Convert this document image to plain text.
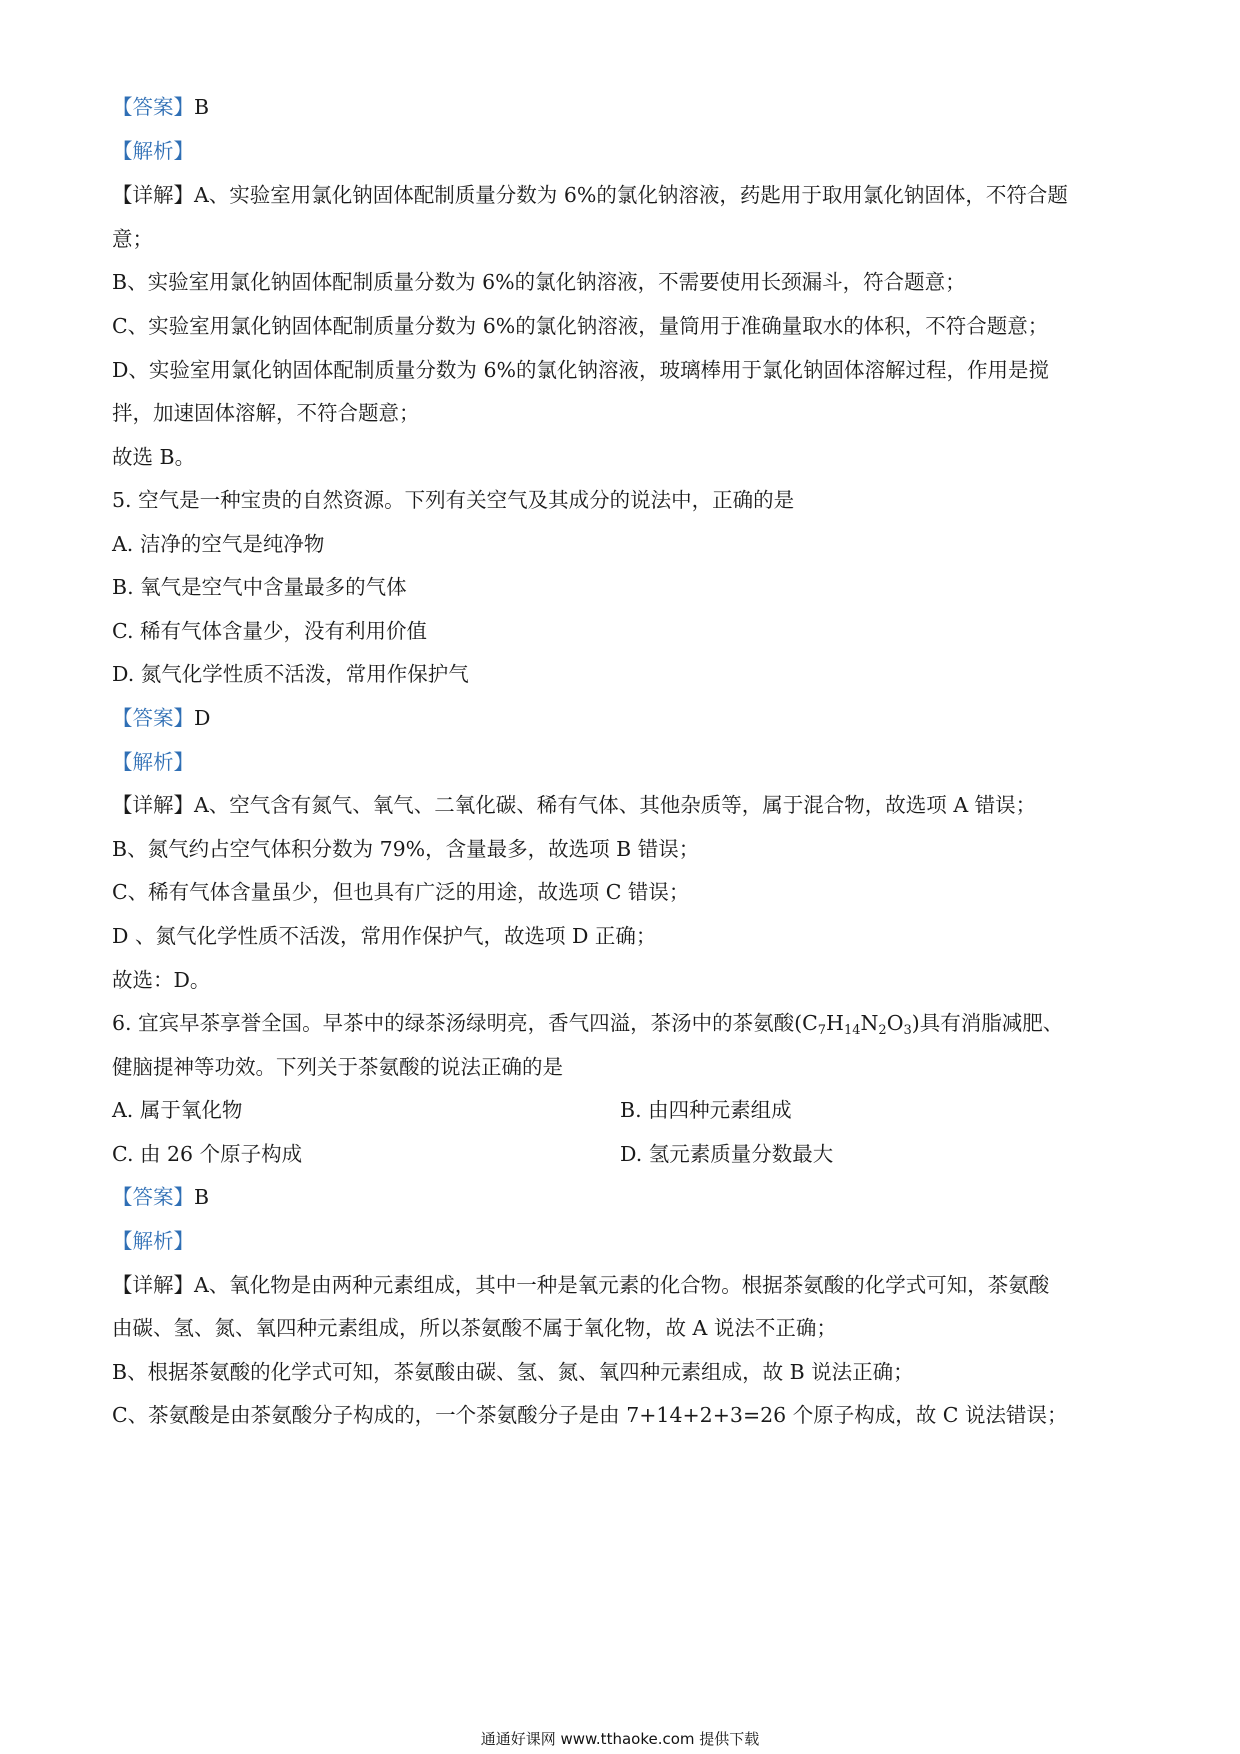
【答案】B
【解析】
【详解】A、实验室用氯化钠固体配制质量分数为 6%的氯化钠溶液，药匙用于取用氯化钠固体，不符合题
意；
B、实验室用氯化钠固体配制质量分数为 6%的氯化钠溶液，不需要使用长颈漏斗，符合题意；
C、实验室用氯化钠固体配制质量分数为 6%的氯化钠溶液，量筒用于准确量取水的体积，不符合题意；
D、实验室用氯化钠固体配制质量分数为 6%的氯化钠溶液，玻璃棒用于氯化钠固体溶解过程，作用是搅
拌，加速固体溶解，不符合题意；
故选 B。
5. 空气是一种宝贵的自然资源。下列有关空气及其成分的说法中，正确的是
A. 洁净的空气是纯净物
B. 氧气是空气中含量最多的气体
C. 稀有气体含量少，没有利用价值
D. 氮气化学性质不活泼，常用作保护气
【答案】D
【解析】
【详解】A、空气含有氮气、氧气、二氧化碳、稀有气体、其他杂质等，属于混合物，故选项 A 错误；
B、氮气约占空气体积分数为 79%，含量最多，故选项 B 错误；
C、稀有气体含量虽少，但也具有广泛的用途，故选项 C 错误；
D 、氮气化学性质不活泼，常用作保护气，故选项 D 正确；
故选：D。
6. 宜宾早茶享誉全国。早茶中的绿茶汤绿明亮，香气四溢，茶汤中的茶氨酸$(C_7H_{14}N_2O_3)$具有消脂减肥、
健脑提神等功效。下列关于茶氨酸的说法正确的是
A. 属于氧化物	B. 由四种元素组成
C. 由 26 个原子构成	D. 氢元素质量分数最大
【答案】B
【解析】
【详解】A、氧化物是由两种元素组成，其中一种是氧元素的化合物。根据茶氨酸的化学式可知，茶氨酸
由碳、氢、氮、氧四种元素组成，所以茶氨酸不属于氧化物，故 A 说法不正确；
B、根据茶氨酸的化学式可知，茶氨酸由碳、氢、氮、氧四种元素组成，故 B 说法正确；
C、茶氨酸是由茶氨酸分子构成的，一个茶氨酸分子是由 7+14+2+3=26 个原子构成，故 C 说法错误；
通通好课网 www.tthaoke.com 提供下载
